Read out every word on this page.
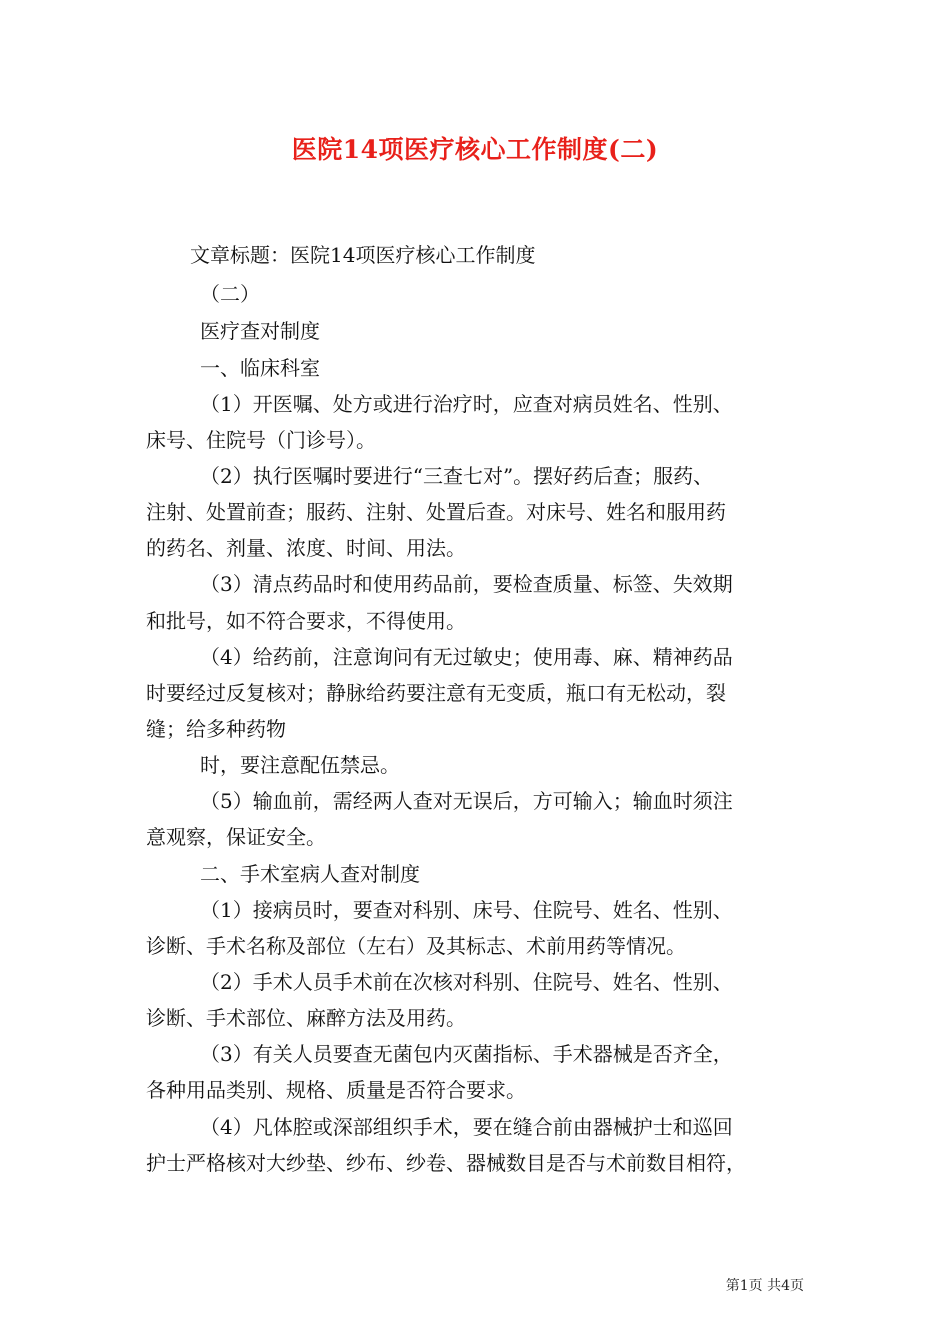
医院14项医疗核心工作制度(二)
文章标题：医院14项医疗核心工作制度
（二）
医疗查对制度
一、临床科室
（1）开医嘱、处方或进行治疗时，应查对病员姓名、性别、
床号、住院号（门诊号）。
（2）执行医嘱时要进行“三查七对”。摆好药后查；服药、
注射、处置前查；服药、注射、处置后查。对床号、姓名和服用药
的药名、剂量、浓度、时间、用法。
（3）清点药品时和使用药品前，要检查质量、标签、失效期
和批号，如不符合要求，不得使用。
（4）给药前，注意询问有无过敏史；使用毒、麻、精神药品
时要经过反复核对；静脉给药要注意有无变质，瓶口有无松动，裂
缝；给多种药物
时，要注意配伍禁忌。
（5）输血前，需经两人查对无误后，方可输入；输血时须注
意观察，保证安全。
二、手术室病人查对制度
（1）接病员时，要查对科别、床号、住院号、姓名、性别、
诊断、手术名称及部位（左右）及其标志、术前用药等情况。
（2）手术人员手术前在次核对科别、住院号、姓名、性别、
诊断、手术部位、麻醉方法及用药。
（3）有关人员要查无菌包内灭菌指标、手术器械是否齐全，
各种用品类别、规格、质量是否符合要求。
（4）凡体腔或深部组织手术，要在缝合前由器械护士和巡回
护士严格核对大纱垫、纱布、纱卷、器械数目是否与术前数目相符，
第1页 共4页
